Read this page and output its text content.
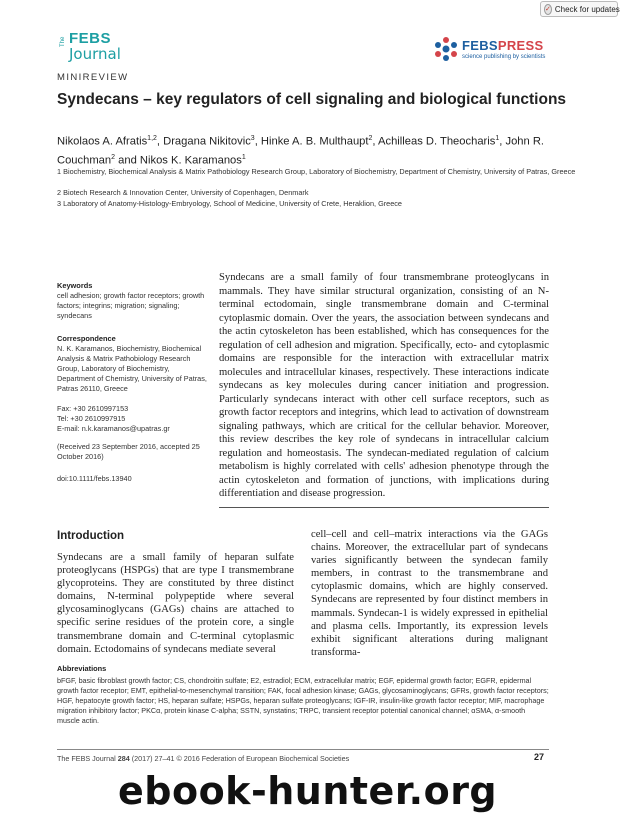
✓ Check for updates
The FEBS
Journal	FEBSPRESS
science publishing by scientists
MINIREVIEW
Syndecans – key regulators of cell signaling and biological functions
Nikolaos A. Afratis$^{1,2}$, Dragana Nikitovic$^3$, Hinke A. B. Multhaupt$^2$, Achilleas D. Theocharis$^1$, John R. Couchman$^2$ and Nikos K. Karamanos$^1$
1 Biochemistry, Biochemical Analysis & Matrix Pathobiology Research Group, Laboratory of Biochemistry, Department of Chemistry, University of Patras, Greece
2 Biotech Research & Innovation Center, University of Copenhagen, Denmark
3 Laboratory of Anatomy-Histology-Embryology, School of Medicine, University of Crete, Heraklion, Greece
Keywords
cell adhesion; growth factor receptors; growth factors; integrins; migration; signaling; syndecans
Correspondence
N. K. Karamanos, Biochemistry, Biochemical Analysis & Matrix Pathobiology Research Group, Laboratory of Biochemistry, Department of Chemistry, University of Patras, Patras 26110, Greece
Fax: +30 2610997153
Tel: +30 2610997915
E-mail: n.k.karamanos@upatras.gr
(Received 23 September 2016, accepted 25 October 2016)
doi:10.1111/febs.13940
Syndecans are a small family of four transmembrane proteoglycans in mammals. They have similar structural organization, consisting of an N-terminal ectodomain, single transmembrane domain and C-terminal cytoplasmic domain. Over the years, the association between syndecans and the actin cytoskeleton has been established, which has consequences for the regulation of cell adhesion and migration. Specifically, ecto- and cytoplasmic domains are responsible for the interaction with extracellular matrix molecules and intracellular kinases, respectively. These interactions indicate syndecans as key molecules during cancer initiation and progression. Particularly syndecans interact with other cell surface receptors, such as growth factor receptors and integrins, which lead to activation of downstream signaling pathways, which are critical for the cellular behavior. Moreover, this review describes the key role of syndecans in intracellular calcium regulation and homeostasis. The syndecan-mediated regulation of calcium metabolism is highly correlated with cells' adhesion phenotype through the actin cytoskeleton and formation of junctions, with implications during differentiation and disease progression.
Introduction
Syndecans are a small family of heparan sulfate proteoglycans (HSPGs) that are type I transmembrane glycoproteins. They are constituted by three distinct domains, N-terminal polypeptide where several glycosaminoglycans (GAGs) chains are attached to specific serine residues of the protein core, a single transmembrane domain and C-terminal cytoplasmic domain. Ectodomains of syndecans mediate several
cell–cell and cell–matrix interactions via the GAGs chains. Moreover, the extracellular part of syndecans varies significantly between the syndecan family members, in contrast to the transmembrane and cytoplasmic domains, which are highly conserved. Syndecans are represented by four distinct members in mammals. Syndecan-1 is widely expressed in epithelial and plasma cells. Importantly, its expression levels exhibit significant alterations during malignant transforma-
Abbreviations
bFGF, basic fibroblast growth factor; CS, chondroitin sulfate; E2, estradiol; ECM, extracellular matrix; EGF, epidermal growth factor; EGFR, epidermal growth factor receptor; EMT, epithelial-to-mesenchymal transition; FAK, focal adhesion kinase; GAGs, glycosaminoglycans; GFRs, growth factor receptors; HGF, hepatocyte growth factor; HS, heparan sulfate; HSPGs, heparan sulfate proteoglycans; IGF-IR, insulin-like growth factor receptor; MIF, macrophage migration inhibitory factor; PKCα, protein kinase C-alpha; SSTN, synstatins; TRPC, transient receptor potential canonical channel; αSMA, α-smooth muscle actin.
The FEBS Journal 284 (2017) 27–41 © 2016 Federation of European Biochemical Societies	27
ebook-hunter.org
